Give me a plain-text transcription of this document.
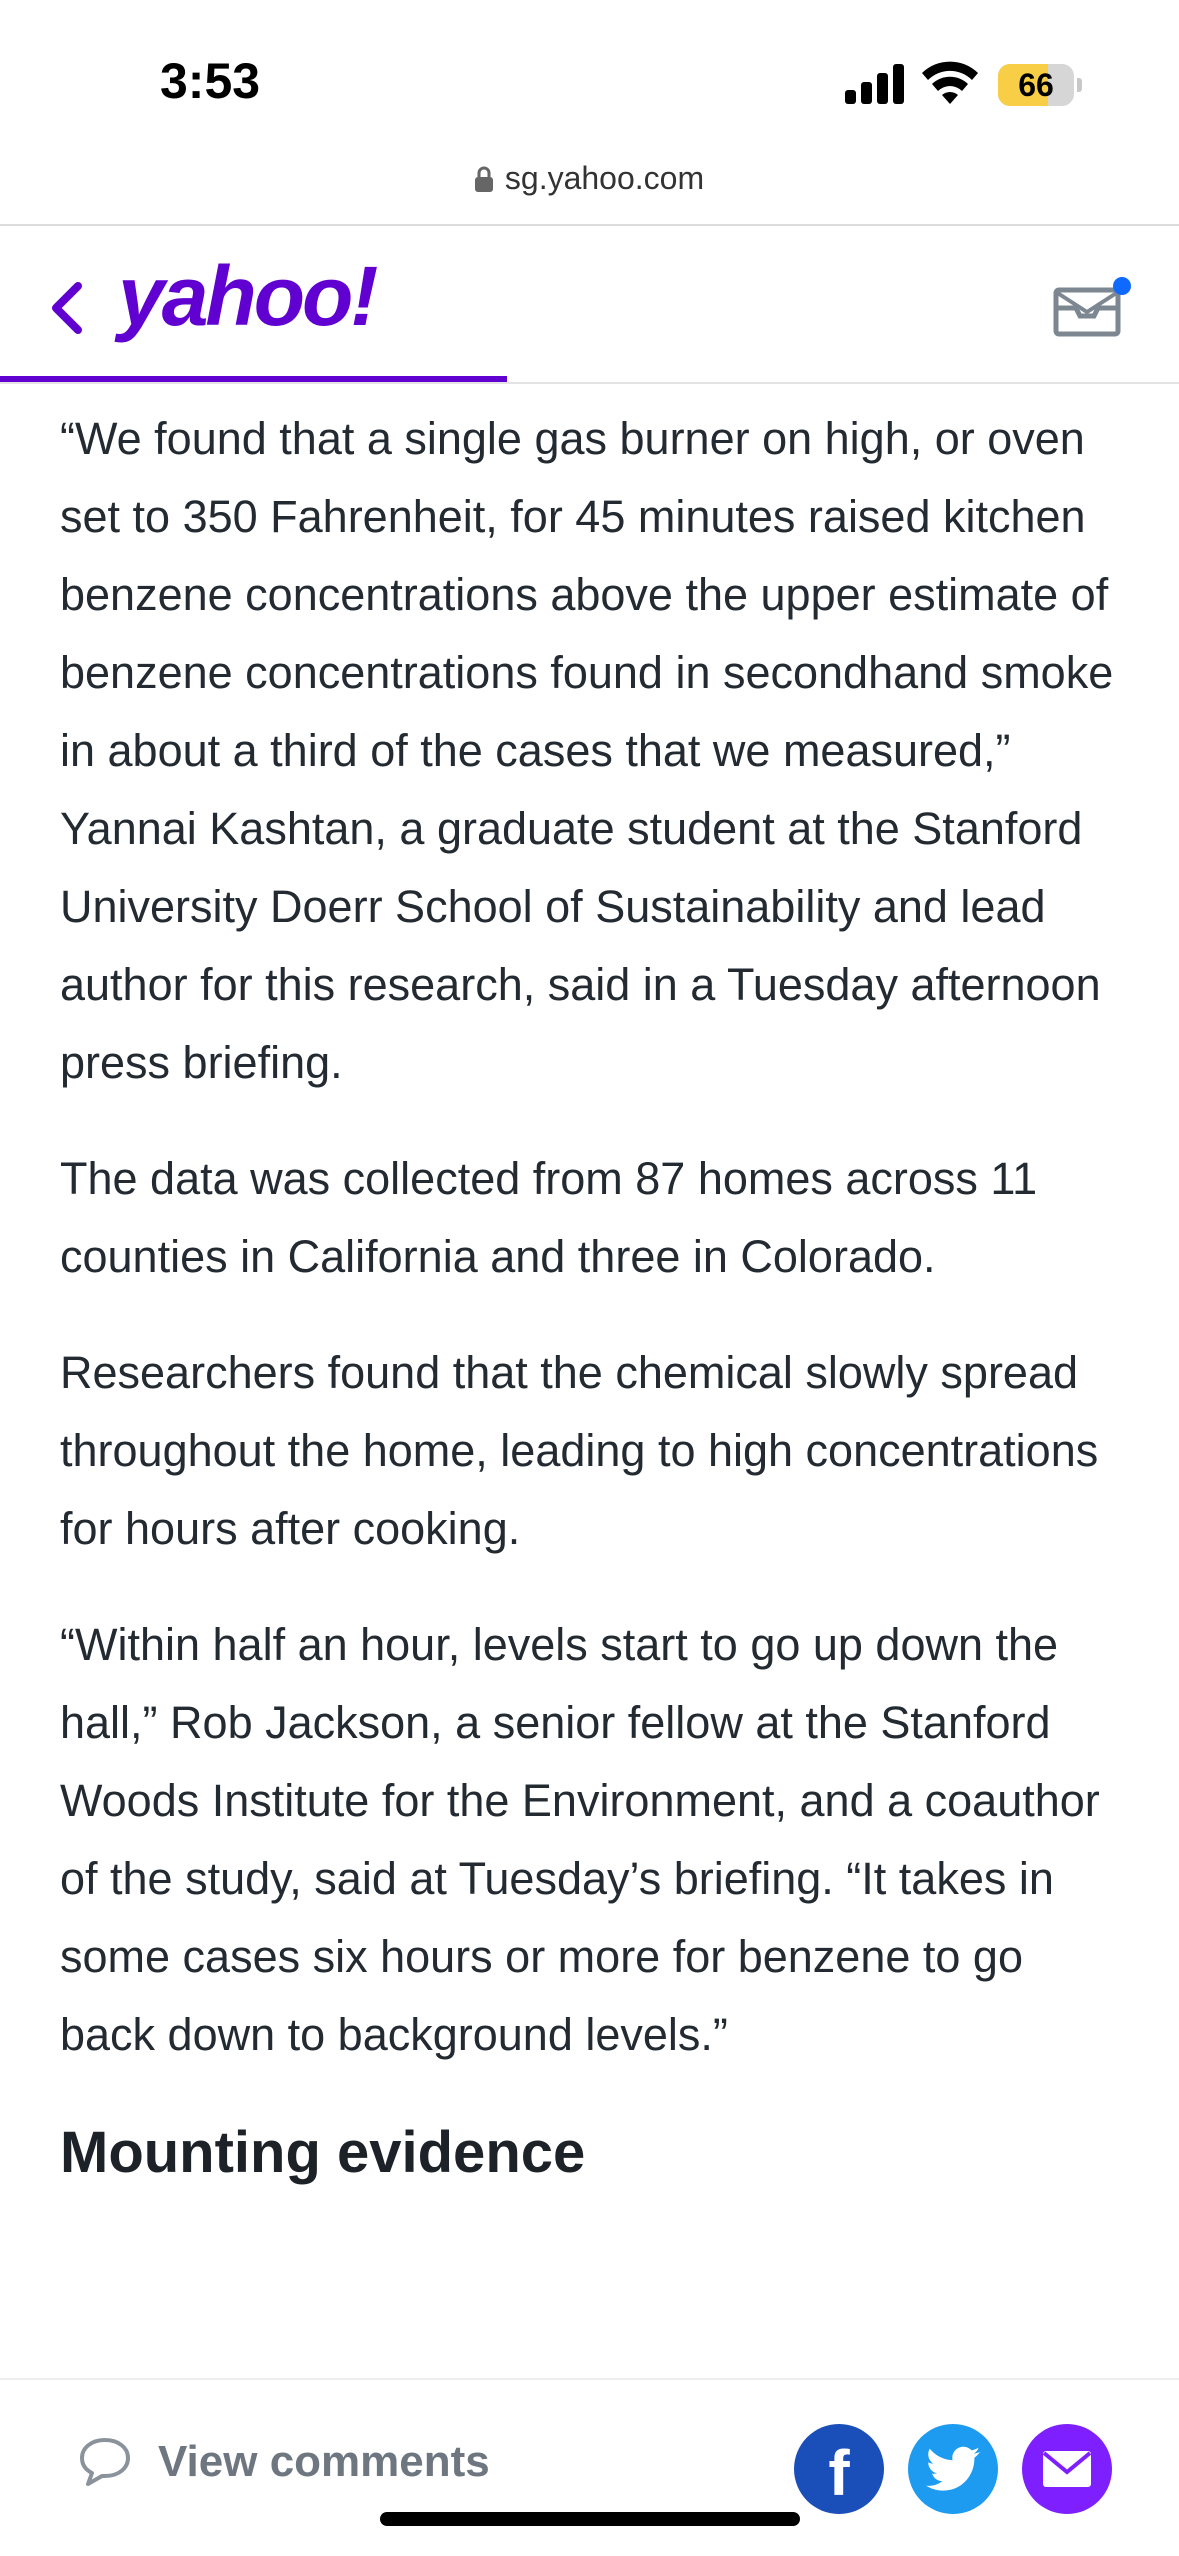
3:53	66
sg.yahoo.com
yahoo!

“We found that a single gas burner on high, or oven set to 350 Fahrenheit, for 45 minutes raised kitchen benzene concentrations above the upper estimate of benzene concentrations found in secondhand smoke in about a third of the cases that we measured,” Yannai Kashtan, a graduate student at the Stanford University Doerr School of Sustainability and lead author for this research, said in a Tuesday afternoon press briefing.

The data was collected from 87 homes across 11 counties in California and three in Colorado.

Researchers found that the chemical slowly spread throughout the home, leading to high concentrations for hours after cooking.

“Within half an hour, levels start to go up down the hall,” Rob Jackson, a senior fellow at the Stanford Woods Institute for the Environment, and a coauthor of the study, said at Tuesday’s briefing. “It takes in some cases six hours or more for benzene to go back down to background levels.”

Mounting evidence
View comments	f
